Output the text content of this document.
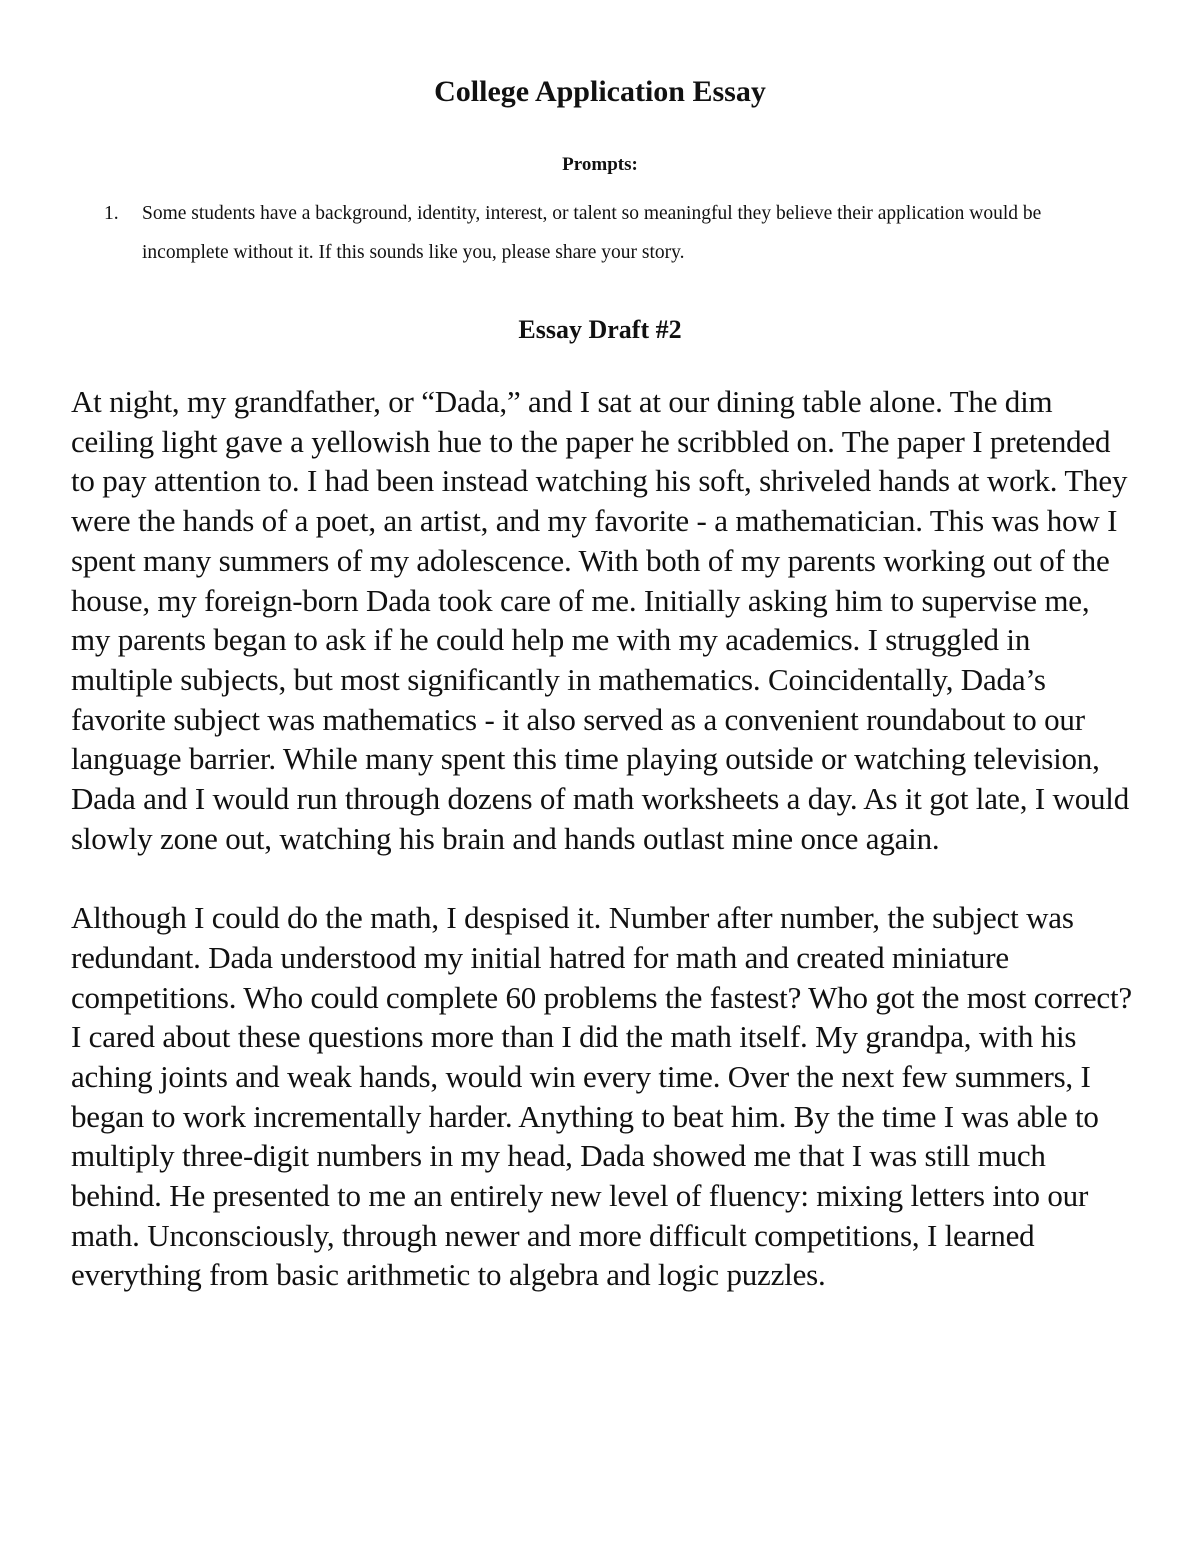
College Application Essay
Prompts:
1. Some students have a background, identity, interest, or talent so meaningful they believe their application would be incomplete without it. If this sounds like you, please share your story.
Essay Draft #2

At night, my grandfather, or “Dada,” and I sat at our dining table alone. The dim ceiling light gave a yellowish hue to the paper he scribbled on. The paper I pretended to pay attention to. I had been instead watching his soft, shriveled hands at work. They were the hands of a poet, an artist, and my favorite - a mathematician. This was how I spent many summers of my adolescence. With both of my parents working out of the house, my foreign-born Dada took care of me. Initially asking him to supervise me, my parents began to ask if he could help me with my academics. I struggled in multiple subjects, but most significantly in mathematics. Coincidentally, Dada’s favorite subject was mathematics - it also served as a convenient roundabout to our language barrier. While many spent this time playing outside or watching television, Dada and I would run through dozens of math worksheets a day. As it got late, I would slowly zone out, watching his brain and hands outlast mine once again.

Although I could do the math, I despised it. Number after number, the subject was redundant. Dada understood my initial hatred for math and created miniature competitions. Who could complete 60 problems the fastest? Who got the most correct? I cared about these questions more than I did the math itself. My grandpa, with his aching joints and weak hands, would win every time. Over the next few summers, I began to work incrementally harder. Anything to beat him. By the time I was able to multiply three-digit numbers in my head, Dada showed me that I was still much behind. He presented to me an entirely new level of fluency: mixing letters into our math. Unconsciously, through newer and more difficult competitions, I learned everything from basic arithmetic to algebra and logic puzzles.
